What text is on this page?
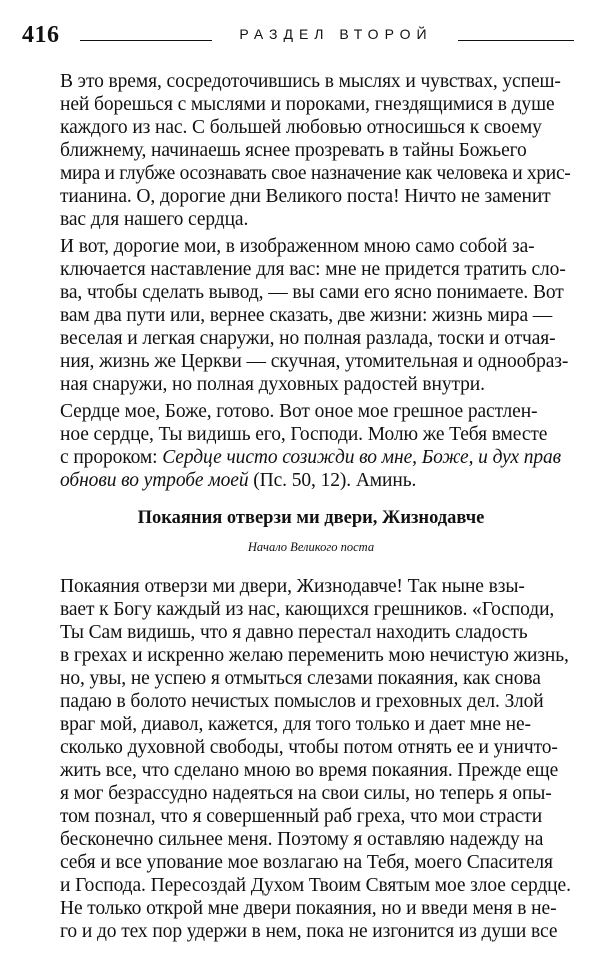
416	РАЗДЕЛ ВТОРОЙ

В это время, сосредоточившись в мыслях и чувствах, успеш-
ней борешься с мыслями и пороками, гнездящимися в душе
каждого из нас. С большей любовью относишься к своему
ближнему, начинаешь яснее прозревать в тайны Божьего
мира и глубже осознавать свое назначение как человека и хрис-
тианина. О, дорогие дни Великого поста! Ничто не заменит
вас для нашего сердца.

И вот, дорогие мои, в изображенном мною само собой за-
ключается наставление для вас: мне не придется тратить сло-
ва, чтобы сделать вывод, — вы сами его ясно понимаете. Вот
вам два пути или, вернее сказать, две жизни: жизнь мира —
веселая и легкая снаружи, но полная разлада, тоски и отчая-
ния, жизнь же Церкви — скучная, утомительная и однообраз-
ная снаружи, но полная духовных радостей внутри.

Сердце мое, Боже, готово. Вот оное мое грешное растлен-
ное сердце, Ты видишь его, Господи. Молю же Тебя вместе
с пророком: Сердце чисто созижди во мне, Боже, и дух прав
обнови во утробе моей (Пс. 50, 12). Аминь.

Покаяния отверзи ми двери, Жизнодавче
Начало Великого поста

Покаяния отверзи ми двери, Жизнодавче! Так ныне взы-
вает к Богу каждый из нас, кающихся грешников. «Господи,
Ты Сам видишь, что я давно перестал находить сладость
в грехах и искренно желаю переменить мою нечистую жизнь,
но, увы, не успею я отмыться слезами покаяния, как снова
падаю в болото нечистых помыслов и греховных дел. Злой
враг мой, диавол, кажется, для того только и дает мне не-
сколько духовной свободы, чтобы потом отнять ее и уничто-
жить все, что сделано мною во время покаяния. Прежде еще
я мог безрассудно надеяться на свои силы, но теперь я опы-
том познал, что я совершенный раб греха, что мои страсти
бесконечно сильнее меня. Поэтому я оставляю надежду на
себя и все упование мое возлагаю на Тебя, моего Спасителя
и Господа. Пересоздай Духом Твоим Святым мое злое сердце.
Не только открой мне двери покаяния, но и введи меня в не-
го и до тех пор удержи в нем, пока не изгонится из души все
